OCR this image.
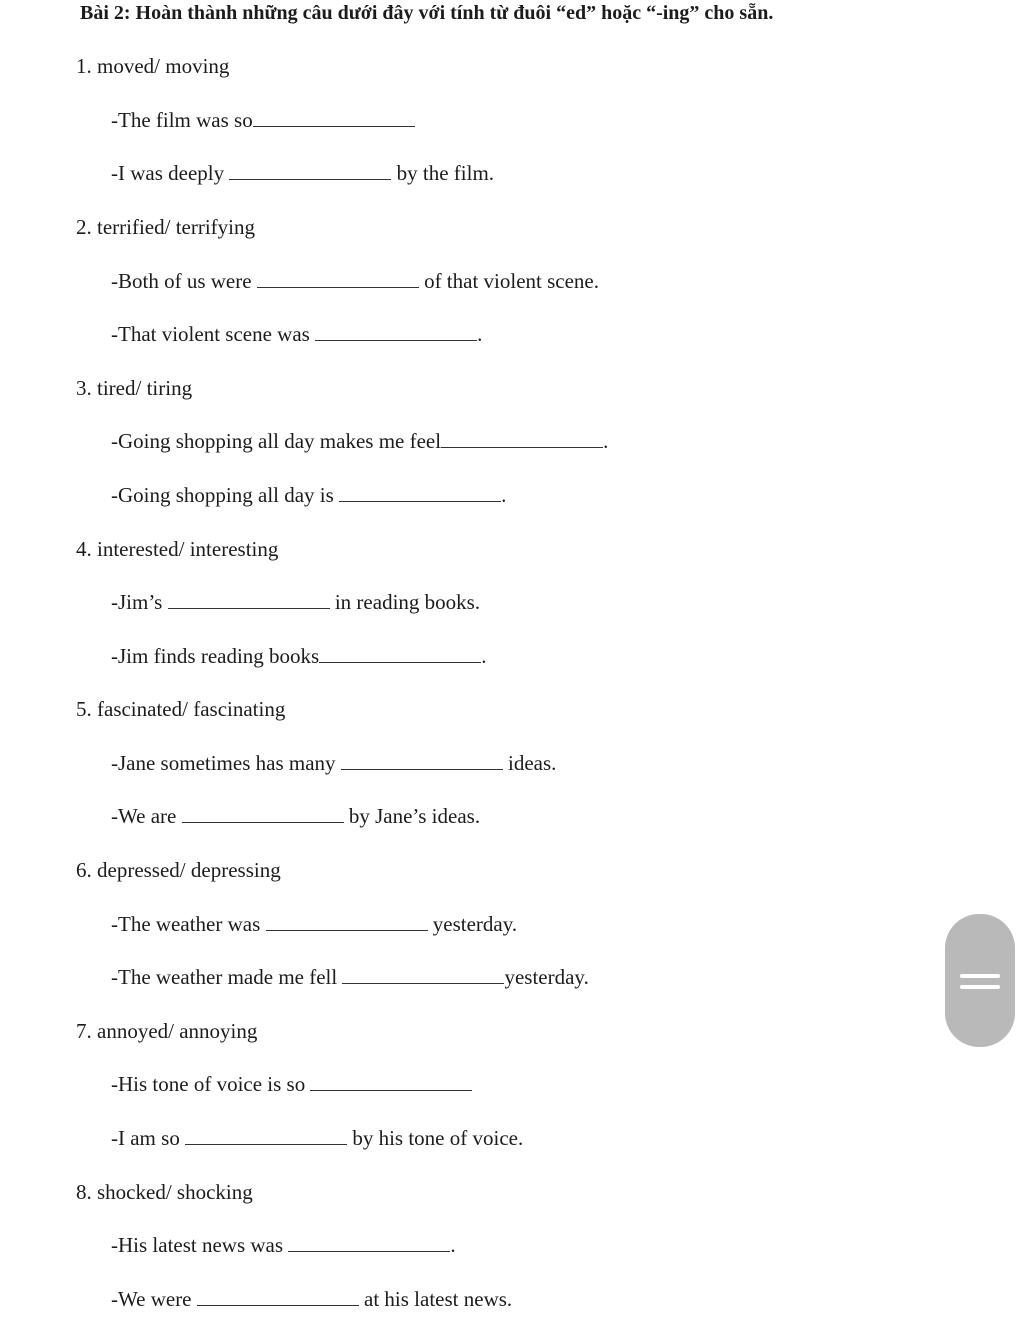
Bài 2: Hoàn thành những câu dưới đây với tính từ đuôi “ed” hoặc “-ing” cho sẵn.
1. moved/ moving
-The film was so
-I was deeply	by the film.
2. terrified/ terrifying
-Both of us were	of that violent scene.
-That violent scene was	.
3. tired/ tiring
-Going shopping all day makes me feel	.
-Going shopping all day is	.
4. interested/ interesting
-Jim’s	in reading books.
-Jim finds reading books	.
5. fascinated/ fascinating
-Jane sometimes has many	ideas.
-We are	by Jane’s ideas.
6. depressed/ depressing
-The weather was	yesterday.
-The weather made me fell	yesterday.
7. annoyed/ annoying
-His tone of voice is so
-I am so	by his tone of voice.
8. shocked/ shocking
-His latest news was	.
-We were	at his latest news.
